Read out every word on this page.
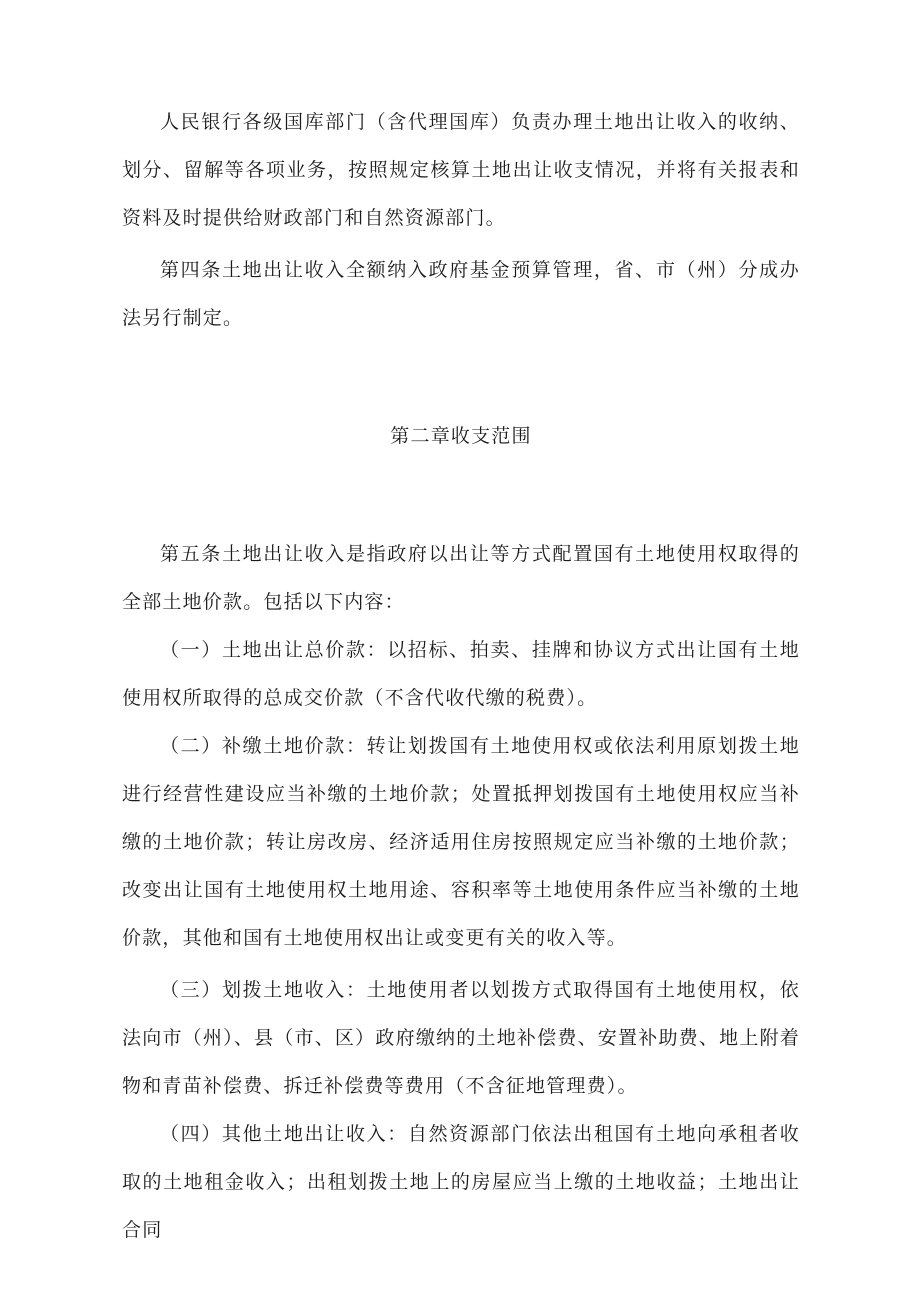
人民银行各级国库部门（含代理国库）负责办理土地出让收入的收纳、划分、留解等各项业务，按照规定核算土地出让收支情况，并将有关报表和资料及时提供给财政部门和自然资源部门。

第四条土地出让收入全额纳入政府基金预算管理，省、市（州）分成办法另行制定。

第二章收支范围

第五条土地出让收入是指政府以出让等方式配置国有土地使用权取得的全部土地价款。包括以下内容：

（一）土地出让总价款：以招标、拍卖、挂牌和协议方式出让国有土地使用权所取得的总成交价款（不含代收代缴的税费）。

（二）补缴土地价款：转让划拨国有土地使用权或依法利用原划拨土地进行经营性建设应当补缴的土地价款；处置抵押划拨国有土地使用权应当补缴的土地价款；转让房改房、经济适用住房按照规定应当补缴的土地价款；改变出让国有土地使用权土地用途、容积率等土地使用条件应当补缴的土地价款，其他和国有土地使用权出让或变更有关的收入等。

（三）划拨土地收入：土地使用者以划拨方式取得国有土地使用权，依法向市（州）、县（市、区）政府缴纳的土地补偿费、安置补助费、地上附着物和青苗补偿费、拆迁补偿费等费用（不含征地管理费）。

（四）其他土地出让收入：自然资源部门依法出租国有土地向承租者收取的土地租金收入；出租划拨土地上的房屋应当上缴的土地收益；土地出让合同
